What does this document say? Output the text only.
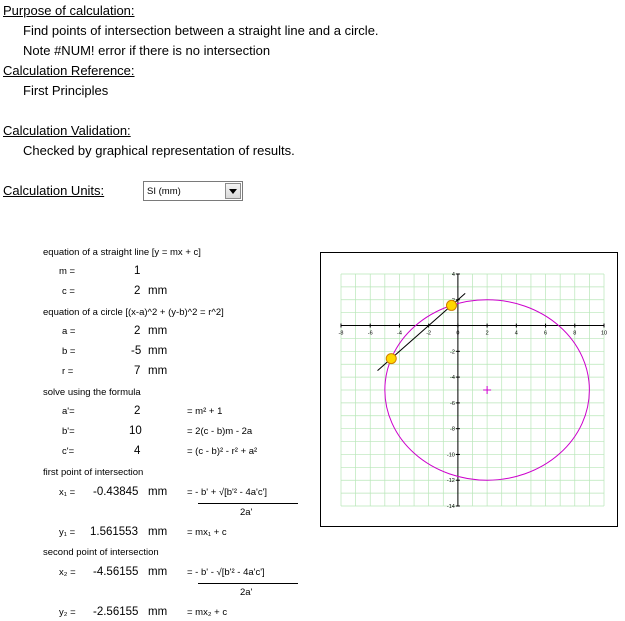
Purpose of calculation:
Find points of intersection between a straight line and a circle.
Note #NUM! error if there is no intersection
Calculation Reference:
First Principles
Calculation Validation:
Checked by graphical representation of results.
Calculation Units:	SI (mm)
equation of a straight line [y = mx + c]
m =	1
c =	2 mm
equation of a circle [(x-a)^2 + (y-b)^2 = r^2]
a =	2 mm
b =	-5 mm
r =	7 mm
solve using the formula
a'=	2	= m² + 1
b'=	10	= 2(c - b)m - 2a
c'=	4	= (c - b)² - r² + a²
first point of intersection
x₁ = -0.43845 mm = - b' + √[b'² - 4a'c']
2a'
y₁ = 1.561553 mm = mx₁ + c
second point of intersection
x₂ = -4.56155 mm = - b' - √[b'² - 4a'c']
2a'
y₂ = -2.56155 mm = mx₂ + c
-8	-6	-4	-2	0	2	4	6	8	10
4
-2
-4
-6
-8
-10
-12
-14
